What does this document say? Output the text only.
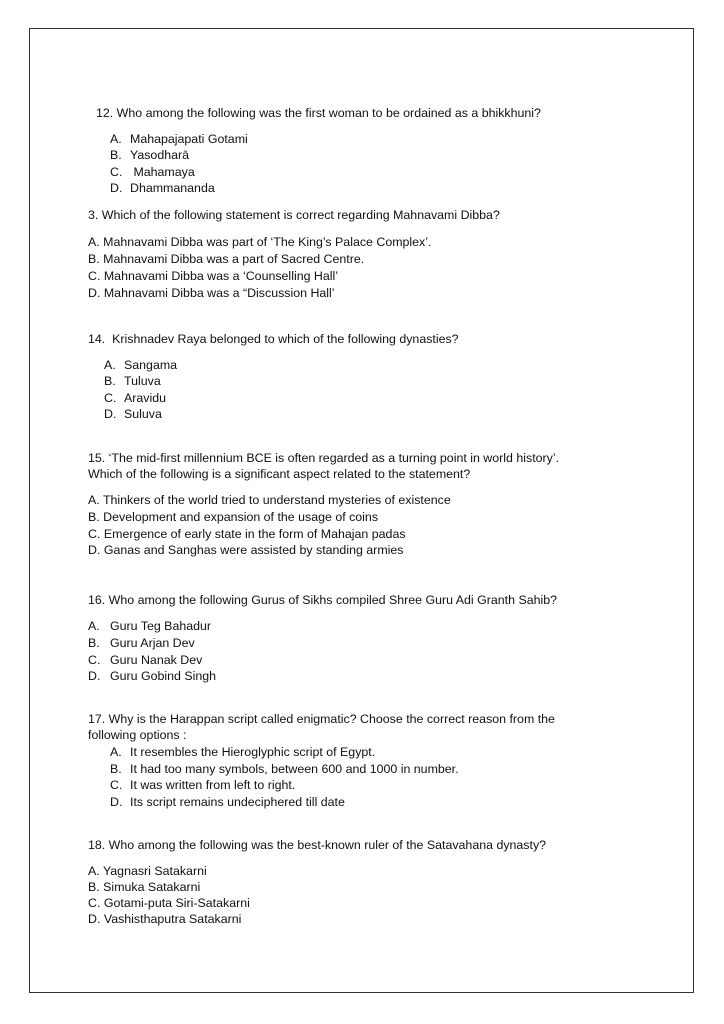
12. Who among the following was the first woman to be ordained as a bhikkhuni?
A. Mahapajapati Gotami
B. Yasodharā
C. Mahamaya
D. Dhammananda
3. Which of the following statement is correct regarding Mahnavami Dibba?
A. Mahnavami Dibba was part of ‘The King’s Palace Complex’.
B. Mahnavami Dibba was a part of Sacred Centre.
C. Mahnavami Dibba was a ‘Counselling Hall’
D. Mahnavami Dibba was a “Discussion Hall’
14.  Krishnadev Raya belonged to which of the following dynasties?
A. Sangama
B. Tuluva
C. Aravidu
D. Suluva
15. ‘The mid-first millennium BCE is often regarded as a turning point in world history’.
Which of the following is a significant aspect related to the statement?
A. Thinkers of the world tried to understand mysteries of existence
B. Development and expansion of the usage of coins
C. Emergence of early state in the form of Mahajan padas
D. Ganas and Sanghas were assisted by standing armies
16. Who among the following Gurus of Sikhs compiled Shree Guru Adi Granth Sahib?
A. Guru Teg Bahadur
B. Guru Arjan Dev
C. Guru Nanak Dev
D. Guru Gobind Singh
17. Why is the Harappan script called enigmatic? Choose the correct reason from the
following options :
A. It resembles the Hieroglyphic script of Egypt.
B. It had too many symbols, between 600 and 1000 in number.
C. It was written from left to right.
D. Its script remains undeciphered till date
18. Who among the following was the best-known ruler of the Satavahana dynasty?
A. Yagnasri Satakarni
B. Simuka Satakarni
C. Gotami-puta Siri-Satakarni
D. Vashisthaputra Satakarni
